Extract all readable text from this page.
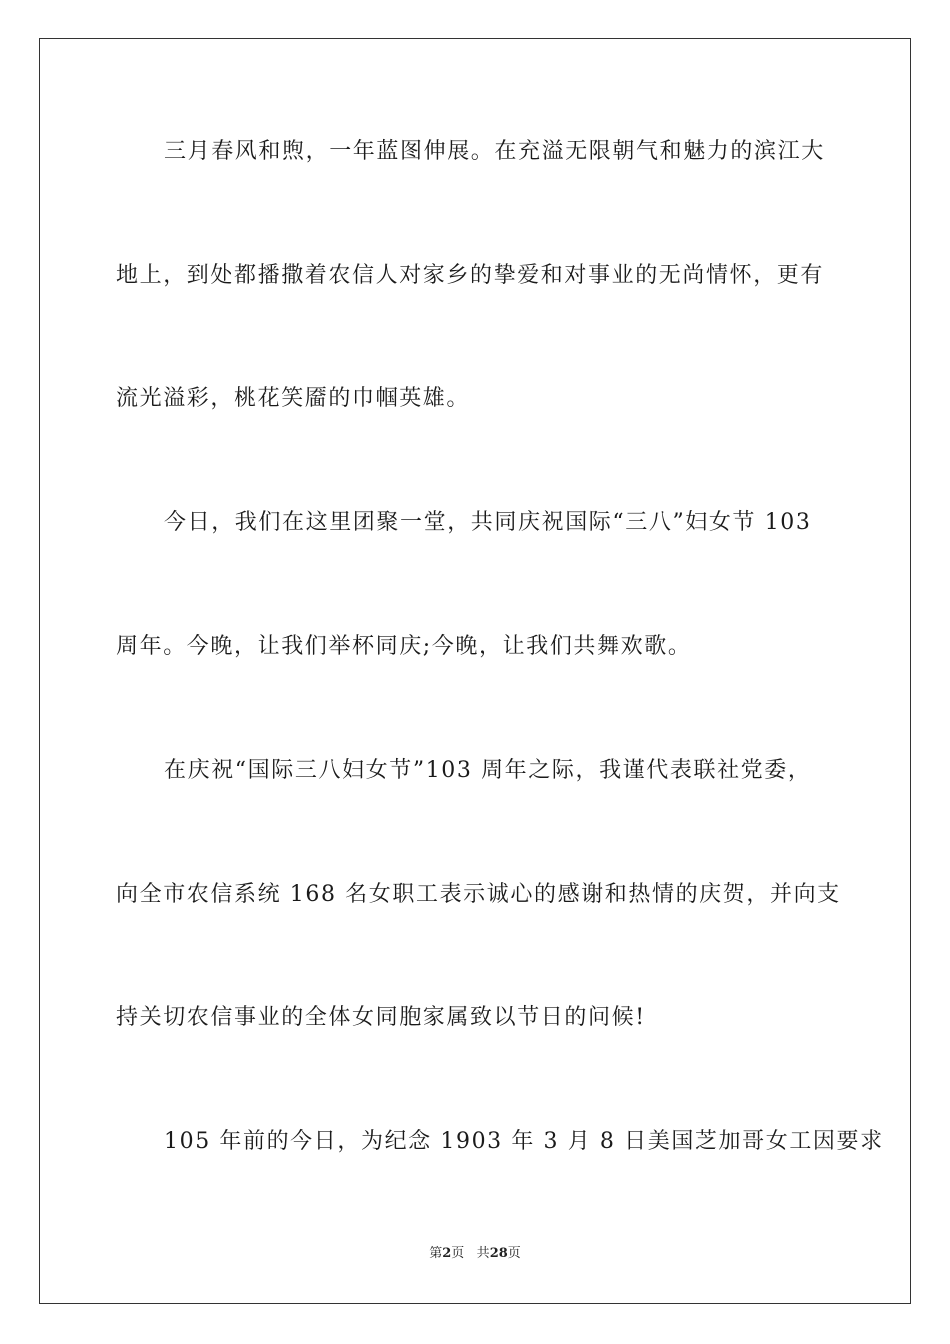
三月春风和煦，一年蓝图伸展。在充溢无限朝气和魅力的滨江大
地上，到处都播撒着农信人对家乡的挚爱和对事业的无尚情怀，更有
流光溢彩，桃花笑靥的巾帼英雄。
今日，我们在这里团聚一堂，共同庆祝国际“三八”妇女节 103
周年。今晚，让我们举杯同庆;今晚，让我们共舞欢歌。
在庆祝“国际三八妇女节”103 周年之际，我谨代表联社党委，
向全市农信系统 168 名女职工表示诚心的感谢和热情的庆贺，并向支
持关切农信事业的全体女同胞家属致以节日的问候!
105 年前的今日，为纪念 1903 年 3 月 8 日美国芝加哥女工因要求
第2页 共28页
